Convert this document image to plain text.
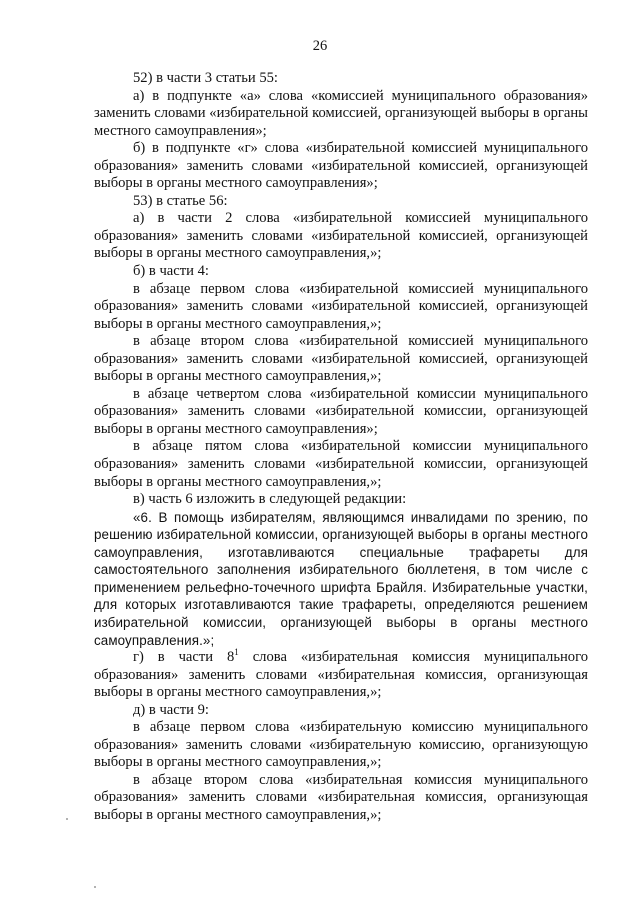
26

52) в части 3 статьи 55:

а) в подпункте «а» слова «комиссией муниципального образования» заменить словами «избирательной комиссией, организующей выборы в органы местного самоуправления»;

б) в подпункте «г» слова «избирательной комиссией муниципального образования» заменить словами «избирательной комиссией, организующей выборы в органы местного самоуправления»;

53) в статье 56:

а) в части 2 слова «избирательной комиссией муниципального образования» заменить словами «избирательной комиссией, организующей выборы в органы местного самоуправления,»;

б) в части 4:

в абзаце первом слова «избирательной комиссией муниципального образования» заменить словами «избирательной комиссией, организующей выборы в органы местного самоуправления,»;

в абзаце втором слова «избирательной комиссией муниципального образования» заменить словами «избирательной комиссией, организующей выборы в органы местного самоуправления,»;

в абзаце четвертом слова «избирательной комиссии муниципального образования» заменить словами «избирательной комиссии, организующей выборы в органы местного самоуправления»;

в абзаце пятом слова «избирательной комиссии муниципального образования» заменить словами «избирательной комиссии, организующей выборы в органы местного самоуправления,»;

в) часть 6 изложить в следующей редакции:

«6. В помощь избирателям, являющимся инвалидами по зрению, по решению избирательной комиссии, организующей выборы в органы местного самоуправления, изготавливаются специальные трафареты для самостоятельного заполнения избирательного бюллетеня, в том числе с применением рельефно-точечного шрифта Брайля. Избирательные участки, для которых изготавливаются такие трафареты, определяются решением избирательной комиссии, организующей выборы в органы местного самоуправления.»;

г) в части $8^1$ слова «избирательная комиссия муниципального образования» заменить словами «избирательная комиссия, организующая выборы в органы местного самоуправления,»;

д) в части 9:

в абзаце первом слова «избирательную комиссию муниципального образования» заменить словами «избирательную комиссию, организующую выборы в органы местного самоуправления,»;

в абзаце втором слова «избирательная комиссия муниципального образования» заменить словами «избирательная комиссия, организующая выборы в органы местного самоуправления,»;
